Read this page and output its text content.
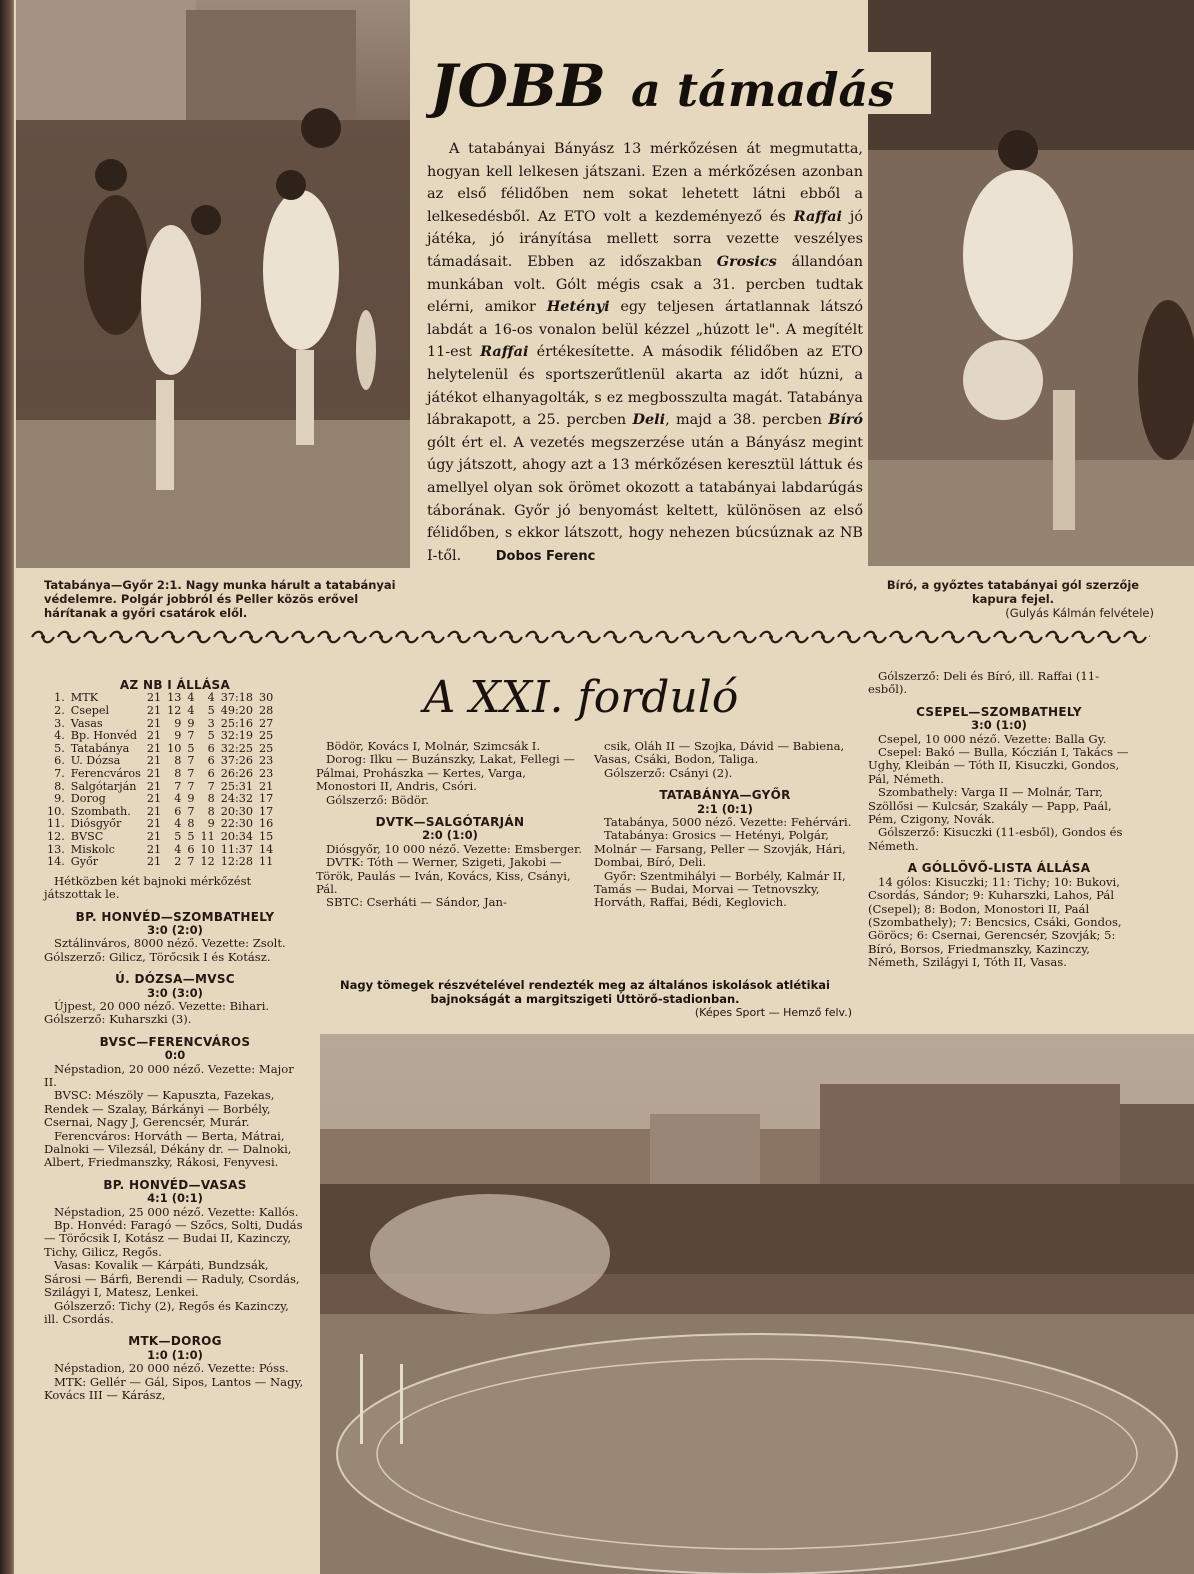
JOBB a támadás

A tatabányai Bányász 13 mérkőzésen át megmutatta, hogyan kell lelkesen játszani. Ezen a mérkőzésen azonban az első félidőben nem sokat lehetett látni ebből a lelkesedésből. Az ETO volt a kezdeményező és Raffai jó játéka, jó irányítása mellett sorra vezette veszélyes támadásait. Ebben az időszakban Grosics állandóan munkában volt. Gólt mégis csak a 31. percben tudtak elérni, amikor Hetényi egy teljesen ártatlannak látszó labdát a 16-os vonalon belül kézzel „húzott le". A megítélt 11-est Raffai értékesítette. A második félidőben az ETO helytelenül és sportszerűtlenül akarta az időt húzni, a játékot elhanyagolták, s ez megbosszulta magát. Tatabánya lábrakapott, a 25. percben Deli, majd a 38. percben Bíró gólt ért el. A vezetés megszerzése után a Bányász megint úgy játszott, ahogy azt a 13 mérkőzésen keresztül láttuk és amellyel olyan sok örömet okozott a tatabányai labdarúgás táborának. Győr jó benyomást keltett, különösen az első félidőben, s ekkor látszott, hogy nehezen búcsúznak az NB I-től.	Dobos Ferenc

Tatabánya—Győr 2:1. Nagy munka hárult a tatabányai védelemre. Polgár jobbról és Peller közös erővel hárítanak a győri csatárok elől.
Bíró, a győztes tatabányai gól szerzője kapura fejel.

(Gulyás Kálmán felvétele)
AZ NB I ÁLLÁSA
1.	MTK	21	13	4	4	37:18	30
2.	Csepel	21	12	4	5	49:20	28
3.	Vasas	21	9	9	3	25:16	27
4.	Bp. Honvéd	21	9	7	5	32:19	25
5.	Tatabánya	21	10	5	6	32:25	25
6.	U. Dózsa	21	8	7	6	37:26	23
7.	Ferencváros	21	8	7	6	26:26	23
8.	Salgótarján	21	7	7	7	25:31	21
9.	Dorog	21	4	9	8	24:32	17
10.	Szombath.	21	6	7	8	20:30	17
11.	Diósgyőr	21	4	8	9	22:30	16
12.	BVSC	21	5	5	11	20:34	15
13.	Miskolc	21	4	6	10	11:37	14
14.	Győr	21	2	7	12	12:28	11

Hétközben két bajnoki mérkőzést játszottak le.

BP. HONVÉD—SZOMBATHELY

3:0 (2:0)

Sztálinváros, 8000 néző. Vezette: Zsolt. Gólszerző: Gilicz, Törőcsik I és Kotász.

Ú. DÓZSA—MVSC

3:0 (3:0)

Újpest, 20 000 néző. Vezette: Bihari. Gólszerző: Kuharszki (3).

BVSC—FERENCVÁROS

0:0

Népstadion, 20 000 néző. Vezette: Major II.

BVSC: Mészöly — Kapuszta, Fazekas, Rendek — Szalay, Bárkányi — Borbély, Csernai, Nagy J, Gerencsér, Murár.

Ferencváros: Horváth — Berta, Mátrai, Dalnoki — Vilezsál, Dékány dr. — Dalnoki, Albert, Friedmanszky, Rákosi, Fenyvesi.

BP. HONVÉD—VASAS

4:1 (0:1)

Népstadion, 25 000 néző. Vezette: Kallós.

Bp. Honvéd: Faragó — Szőcs, Solti, Dudás — Törőcsik I, Kotász — Budai II, Kazinczy, Tichy, Gilicz, Regős.

Vasas: Kovalik — Kárpáti, Bundzsák, Sárosi — Bárfi, Berendi — Raduly, Csordás, Szilágyi I, Matesz, Lenkei.

Gólszerző: Tichy (2), Regős és Kazinczy, ill. Csordás.

MTK—DOROG

1:0 (1:0)

Népstadion, 20 000 néző. Vezette: Póss.

MTK: Gellér — Gál, Sipos, Lantos — Nagy, Kovács III — Kárász,

A XXI. forduló

Bödör, Kovács I, Molnár, Szimcsák I.

Dorog: Ilku — Buzánszky, Lakat, Fellegi — Pálmai, Prohászka — Kertes, Varga, Monostori II, Andris, Csóri.

Gólszerző: Bödör.

DVTK—SALGÓTARJÁN

2:0 (1:0)

Diósgyőr, 10 000 néző. Vezette: Emsberger.

DVTK: Tóth — Werner, Szigeti, Jakobi — Török, Paulás — Iván, Kovács, Kiss, Csányi, Pál.

SBTC: Cserháti — Sándor, Jan-

csik, Oláh II — Szojka, Dávid — Babiena, Vasas, Csáki, Bodon, Taliga.

Gólszerző: Csányi (2).

TATABÁNYA—GYŐR

2:1 (0:1)

Tatabánya, 5000 néző. Vezette: Fehérvári.

Tatabánya: Grosics — Hetényi, Polgár, Molnár — Farsang, Peller — Szovják, Hári, Dombai, Bíró, Deli.

Győr: Szentmihályi — Borbély, Kalmár II, Tamás — Budai, Morvai — Tetnovszky, Horváth, Raffai, Bédi, Keglovich.

Gólszerző: Deli és Bíró, ill. Raffai (11-esből).

CSEPEL—SZOMBATHELY

3:0 (1:0)

Csepel, 10 000 néző. Vezette: Balla Gy.

Csepel: Bakó — Bulla, Kóczián I, Takács — Ughy, Kleibán — Tóth II, Kisuczki, Gondos, Pál, Németh.

Szombathely: Varga II — Molnár, Tarr, Szöllősi — Kulcsár, Szakály — Papp, Paál, Pém, Czigony, Novák.

Gólszerző: Kisuczki (11-esből), Gondos és Németh.

A GÓLLÖVŐ-LISTA ÁLLÁSA

14 gólos: Kisuczki; 11: Tichy; 10: Bukovi, Csordás, Sándor; 9: Kuharszki, Lahos, Pál (Csepel); 8: Bodon, Monostori II, Paál (Szombathely); 7: Bencsics, Csáki, Gondos, Göröcs; 6: Csernai, Gerencsér, Szovják; 5: Bíró, Borsos, Friedmanszky, Kazinczy, Németh, Szilágyi I, Tóth II, Vasas.

Nagy tömegek részvételével rendezték meg az általános iskolások atlétikai bajnokságát a margitszigeti Úttörő-stadionban.
(Képes Sport — Hemző felv.)
